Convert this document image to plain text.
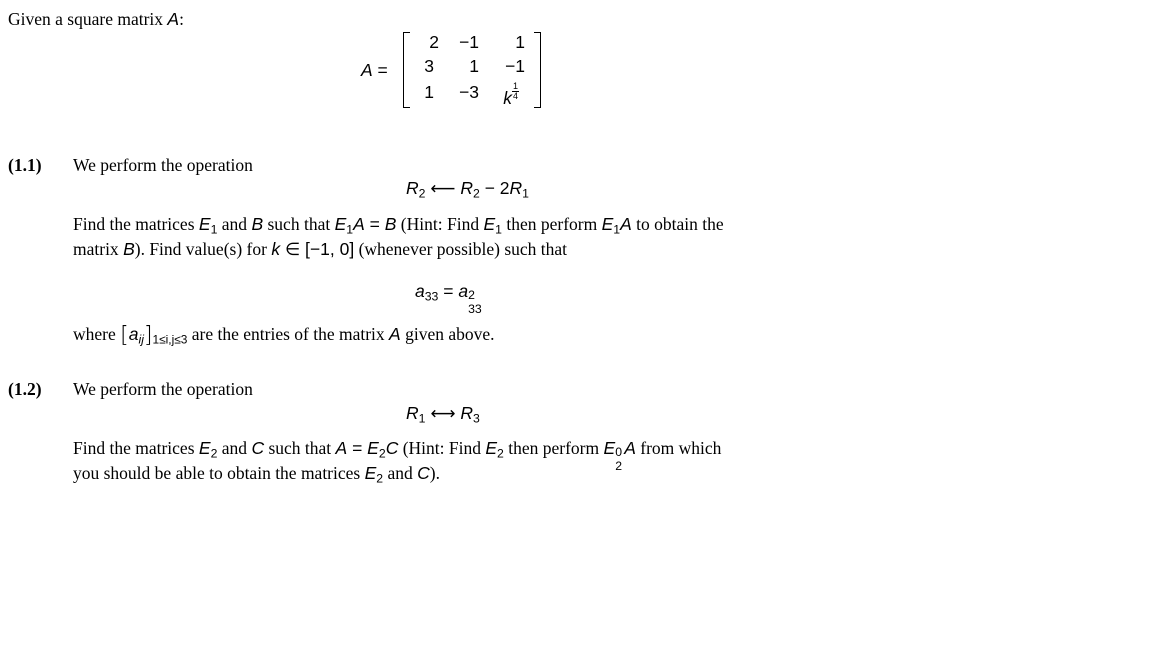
Given a square matrix A:
A =
2	−1	1
3	1	−1
1	−3	k $\frac{1}{4}$
(1.1) We perform the operation
$R_2$ ⟵ $R_2 - 2R_1$
Find the matrices $E_1$ and B such that $E_1A = B$ (Hint: Find $E_1$ then perform $E_1A$ to obtain the
matrix B). Find value(s) for k ∈ [−1, 0] (whenever possible) such that
$a_{33} = a$ 2
33
where $[a_{ij}]_{1\le i,j\le 3}$ are the entries of the matrix A given above.
(1.2) We perform the operation
$R_1$ ⟷ $R_3$
Find the matrices $E_2$ and C such that $A = E_2C$ (Hint: Find $E_2$ then perform E 0
2
A from which
you should be able to obtain the matrices $E_2$ and C).
